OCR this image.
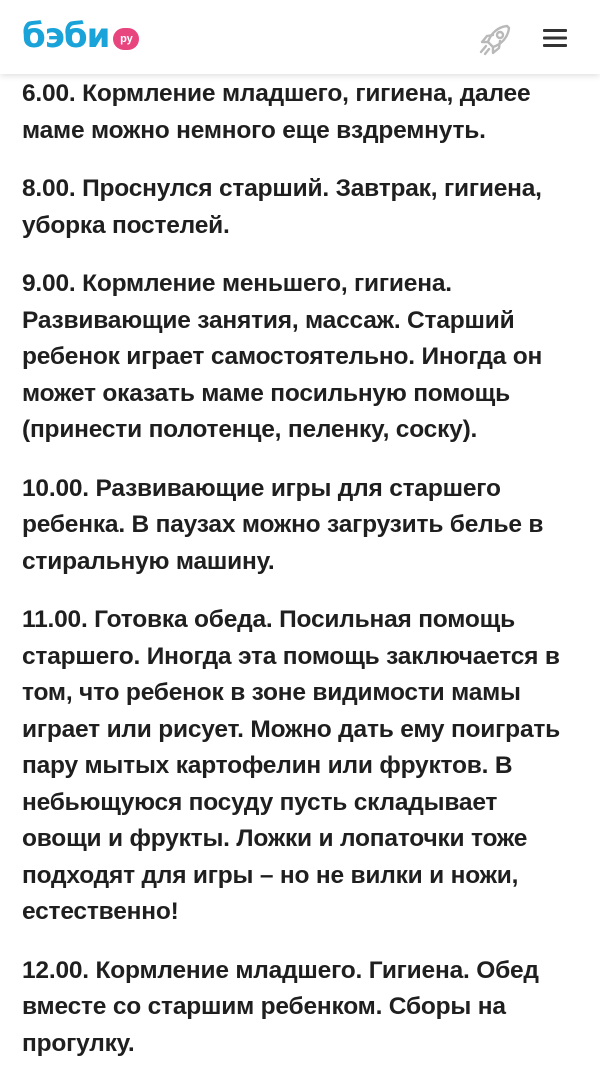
бэби ру

6.00. Кормление младшего, гигиена, далее маме можно немного еще вздремнуть.

8.00. Проснулся старший. Завтрак, гигиена, уборка постелей.

9.00. Кормление меньшего, гигиена. Развивающие занятия, массаж. Старший ребенок играет самостоятельно. Иногда он может оказать маме посильную помощь (принести полотенце, пеленку, соску).

10.00. Развивающие игры для старшего ребенка. В паузах можно загрузить белье в стиральную машину.

11.00. Готовка обеда. Посильная помощь старшего. Иногда эта помощь заключается в том, что ребенок в зоне видимости мамы играет или рисует. Можно дать ему поиграть пару мытых картофелин или фруктов. В небьющуюся посуду пусть складывает овощи и фрукты. Ложки и лопаточки тоже подходят для игры – но не вилки и ножи, естественно!

12.00. Кормление младшего. Гигиена. Обед вместе со старшим ребенком. Сборы на прогулку.
